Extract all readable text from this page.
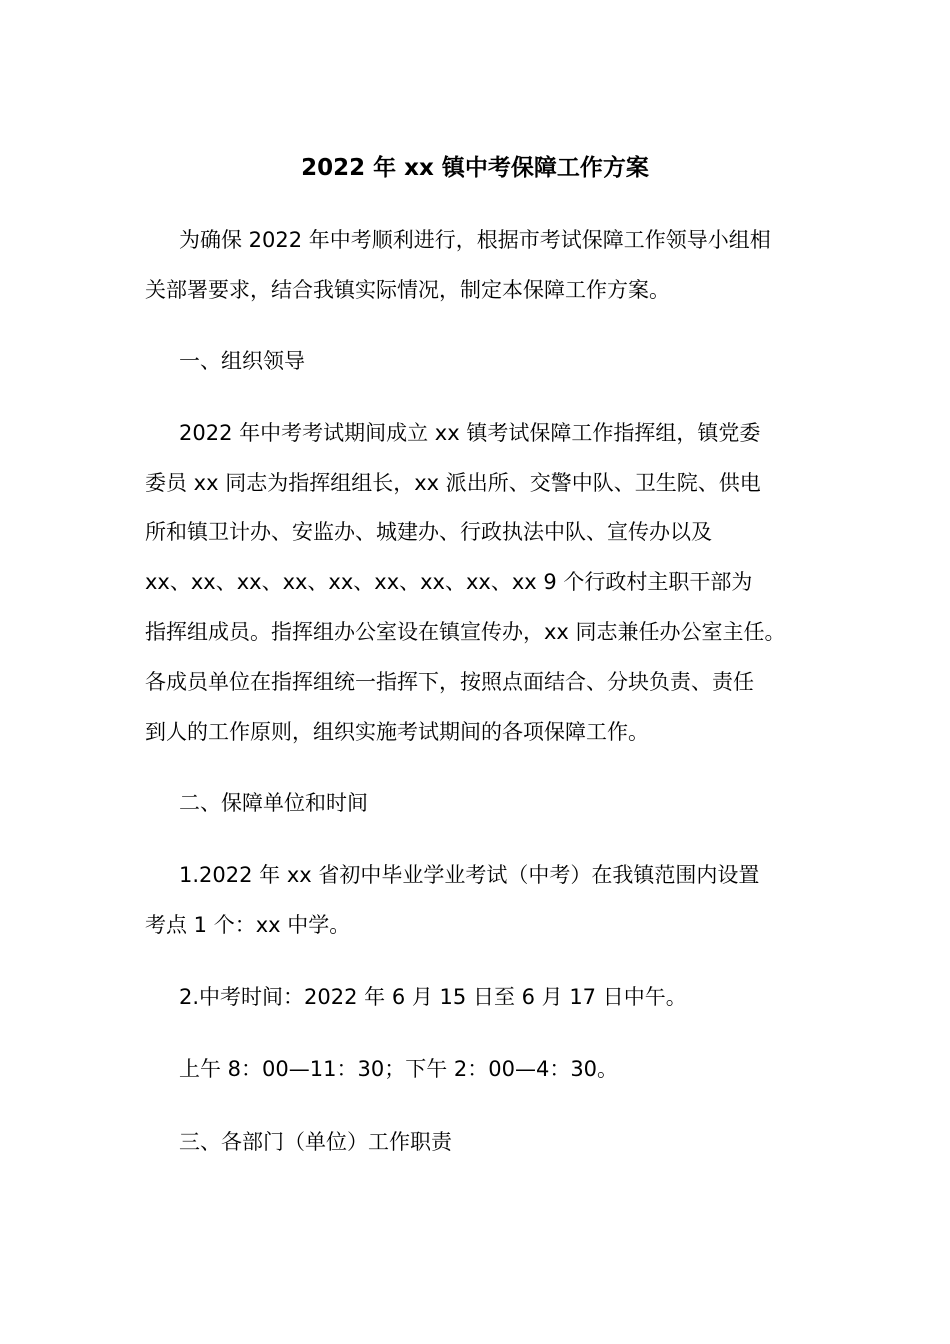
2022 年 xx 镇中考保障工作方案

为确保 2022 年中考顺利进行，根据市考试保障工作领导小组相

关部署要求，结合我镇实际情况，制定本保障工作方案。

一、组织领导

2022 年中考考试期间成立 xx 镇考试保障工作指挥组，镇党委

委员 xx 同志为指挥组组长，xx 派出所、交警中队、卫生院、供电

所和镇卫计办、安监办、城建办、行政执法中队、宣传办以及

xx、xx、xx、xx、xx、xx、xx、xx、xx 9 个行政村主职干部为

指挥组成员。指挥组办公室设在镇宣传办，xx 同志兼任办公室主任。

各成员单位在指挥组统一指挥下，按照点面结合、分块负责、责任

到人的工作原则，组织实施考试期间的各项保障工作。

二、保障单位和时间

1.2022 年 xx 省初中毕业学业考试（中考）在我镇范围内设置

考点 1 个：xx 中学。

2.中考时间：2022 年 6 月 15 日至 6 月 17 日中午。

上午 8：00—11：30；下午 2：00—4：30。

三、各部门（单位）工作职责
